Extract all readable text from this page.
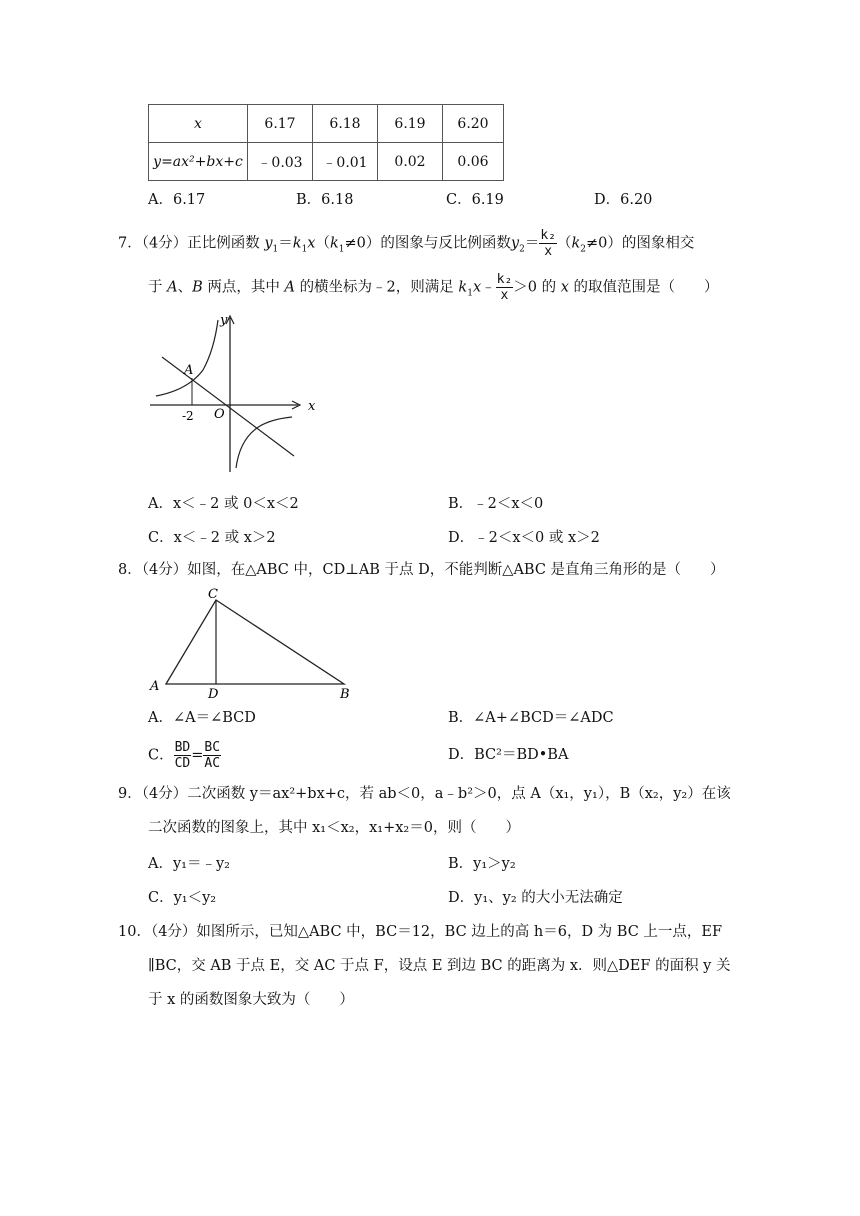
x	6.17	6.18	6.19	6.20
y=ax²+bx+c	﹣0.03	﹣0.01	0.02	0.06
A．6.17	B．6.18	C．6.19	D．6.20
7．（4分）正比例函数 $y_1=k_1x(k_1\ne 0)$的图象与反比例函数$y_2= \frac{\text{k₂}}{x} (k_2\ne 0)$的图象相交
于 A、B 两点，其中 A 的横坐标为﹣2，则满足 $k_1x﹣ \frac{\text{k₂}}{x} >0$ 的 x 的取值范围是（　　）
x
y
O
A
-2
A．x＜﹣2 或 0＜x＜2	B．﹣2＜x＜0
C．x＜﹣2 或 x＞2	D．﹣2＜x＜0 或 x＞2
8．（4分）如图，在△ABC 中，CD⊥AB 于点 D，不能判断△ABC 是直角三角形的是（　　）
C
A
D	B
A．∠A＝∠BCD	B．∠A+∠BCD＝∠ADC
C． $\frac{BD}{CD} = \frac{BC}{AC}$	D．BC²＝BD•BA
9．（4分）二次函数 y＝ax²+bx+c，若 ab＜0，a﹣b²＞0，点 A（x₁，y₁），B（x₂，y₂）在该
二次函数的图象上，其中 x₁＜x₂，x₁+x₂＝0，则（　　）
A．y₁＝﹣y₂	B．y₁＞y₂
C．y₁＜y₂	D．y₁、y₂ 的大小无法确定
10．（4分）如图所示，已知△ABC 中，BC＝12，BC 边上的高 h＝6，D 为 BC 上一点，EF
∥BC，交 AB 于点 E，交 AC 于点 F，设点 E 到边 BC 的距离为 x．则△DEF 的面积 y 关
于 x 的函数图象大致为（　　）
